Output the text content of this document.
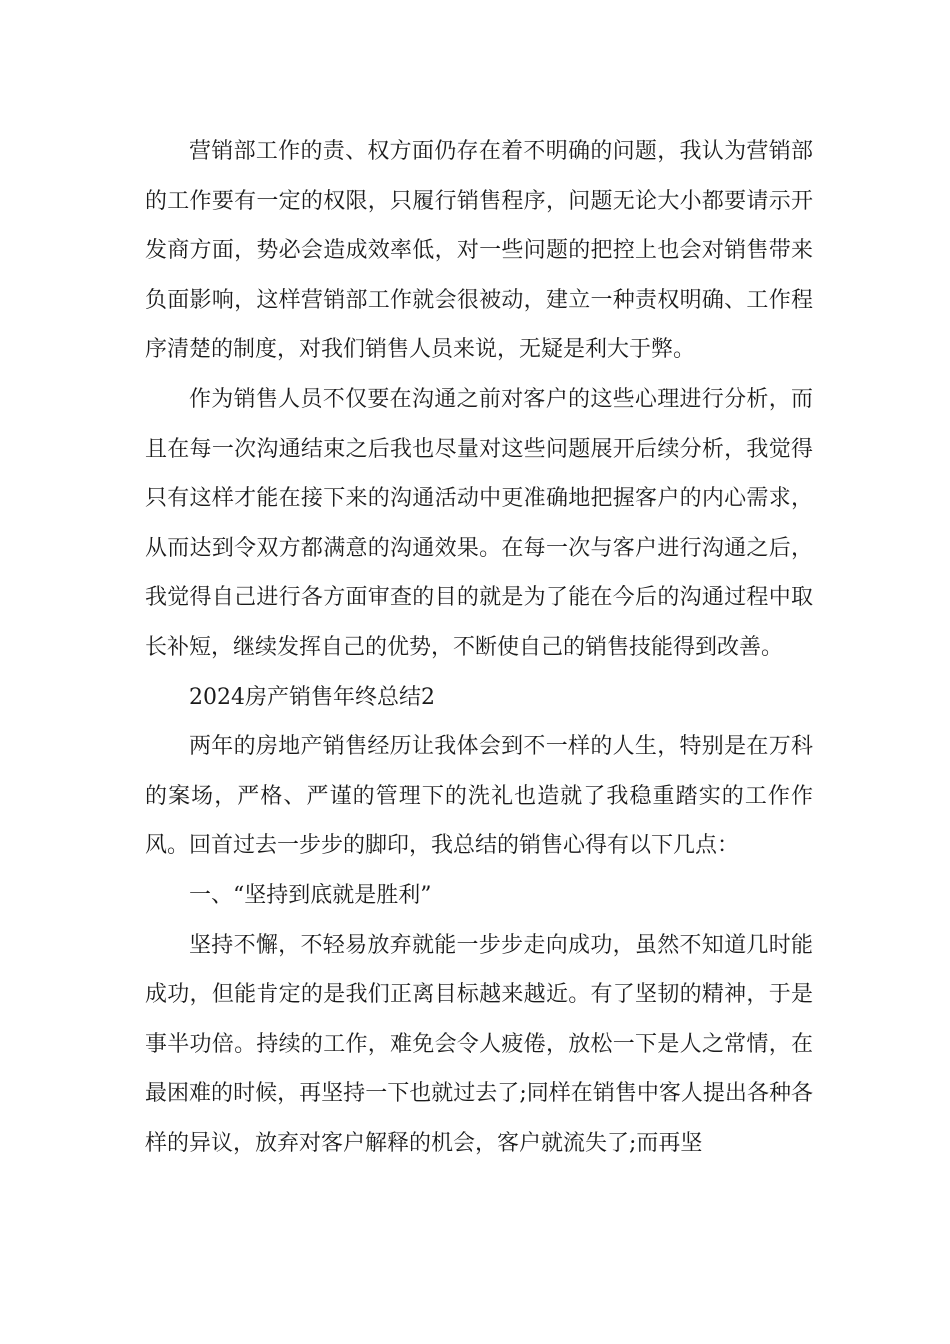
营销部工作的责、权方面仍存在着不明确的问题，我认为营销部的工作要有一定的权限，只履行销售程序，问题无论大小都要请示开发商方面，势必会造成效率低，对一些问题的把控上也会对销售带来负面影响，这样营销部工作就会很被动，建立一种责权明确、工作程序清楚的制度，对我们销售人员来说，无疑是利大于弊。

作为销售人员不仅要在沟通之前对客户的这些心理进行分析，而且在每一次沟通结束之后我也尽量对这些问题展开后续分析，我觉得只有这样才能在接下来的沟通活动中更准确地把握客户的内心需求，从而达到令双方都满意的沟通效果。在每一次与客户进行沟通之后，我觉得自己进行各方面审查的目的就是为了能在今后的沟通过程中取长补短，继续发挥自己的优势，不断使自己的销售技能得到改善。

2024房产销售年终总结2

两年的房地产销售经历让我体会到不一样的人生，特别是在万科的案场，严格、严谨的管理下的洗礼也造就了我稳重踏实的工作作风。回首过去一步步的脚印，我总结的销售心得有以下几点：

一、“坚持到底就是胜利”

坚持不懈，不轻易放弃就能一步步走向成功，虽然不知道几时能成功，但能肯定的是我们正离目标越来越近。有了坚韧的精神，于是事半功倍。持续的工作，难免会令人疲倦，放松一下是人之常情，在最困难的时候，再坚持一下也就过去了;同样在销售中客人提出各种各样的异议，放弃对客户解释的机会，客户就流失了;而再坚
